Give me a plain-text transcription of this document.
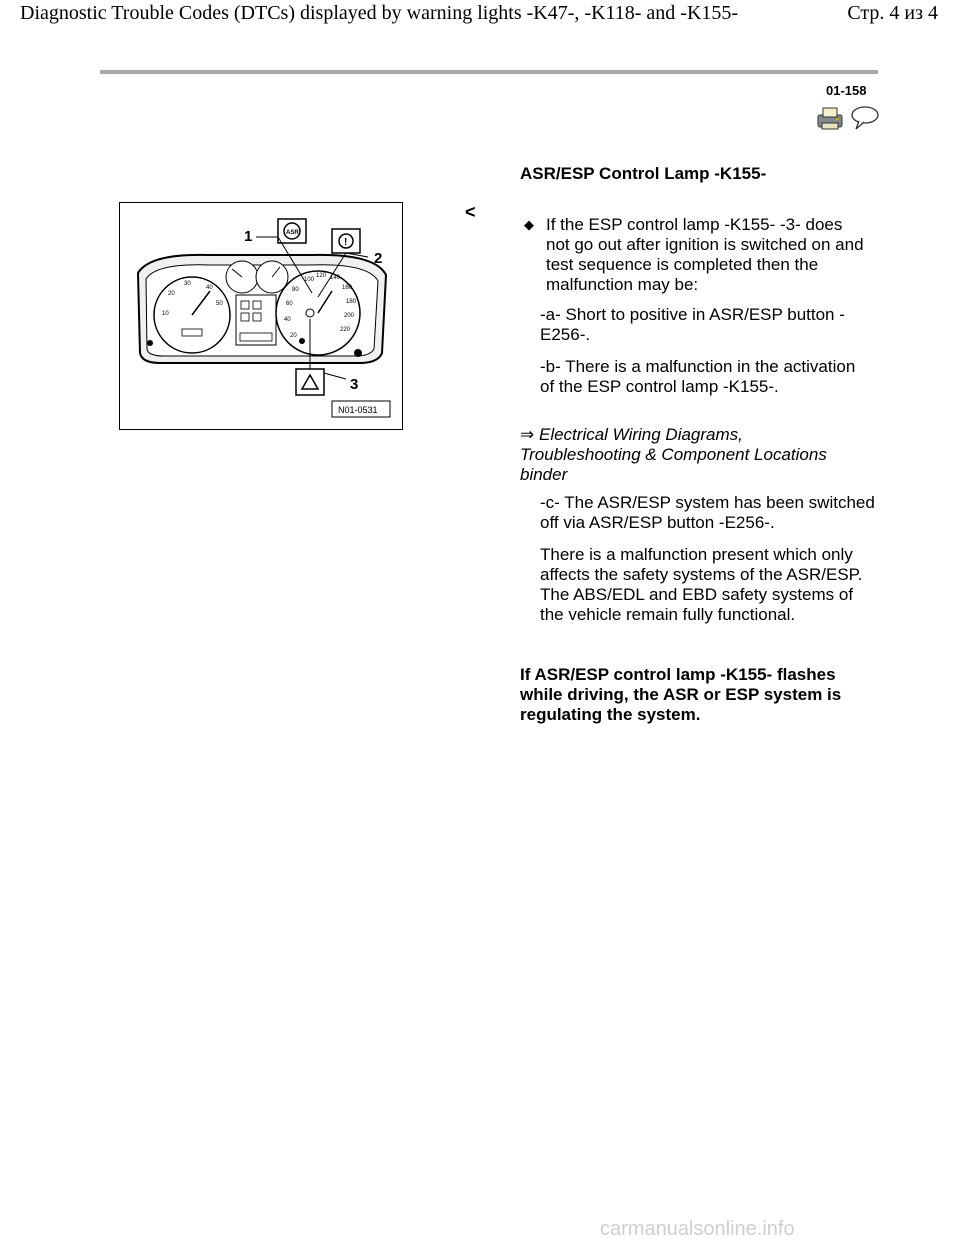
Diagnostic Trouble Codes (DTCs) displayed by warning lights -K47-, -K118- and -K155-	Стр. 4 из 4
01-158
ASR/ESP Control Lamp -K155-
<
10
20
30
40
50
20
40
60
80
100
120 140
160
180
200
220
ASR
!
1
2
3
N01-0531
◆ If the ESP control lamp -K155- -3- does not go out after ignition is switched on and test sequence is completed then the malfunction may be:
-a- Short to positive in ASR/ESP button -E256-.
-b- There is a malfunction in the activation of the ESP control lamp -K155-.
⇒ Electrical Wiring Diagrams, Troubleshooting & Component Locations binder
-c- The ASR/ESP system has been switched off via ASR/ESP button -E256-.
There is a malfunction present which only affects the safety systems of the ASR/ESP. The ABS/EDL and EBD safety systems of the vehicle remain fully functional.
If ASR/ESP control lamp -K155- flashes while driving, the ASR or ESP system is regulating the system.
carmanualsonline.info
